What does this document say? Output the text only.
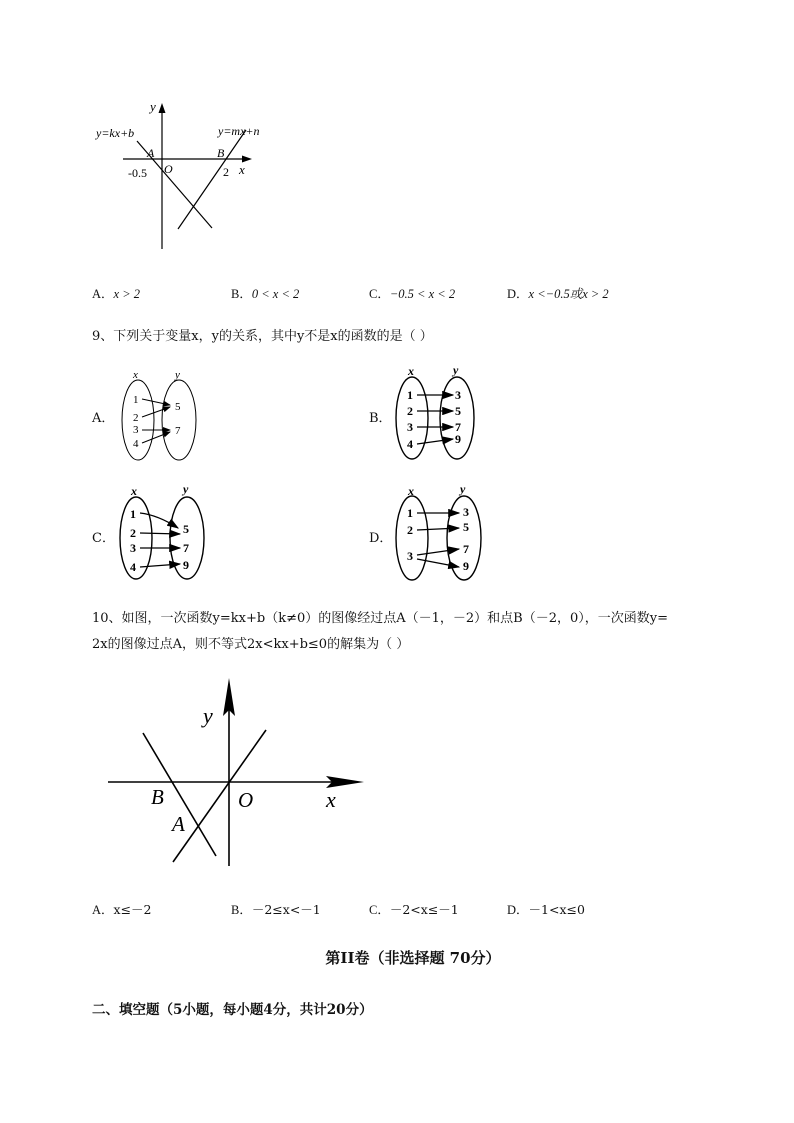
y
x
O
y=kx+b	y=mx+n
A	B
-0.5	2
A．x > 2	B．0 < x < 2	C．−0.5 < x < 2	D．x <−0.5或x > 2
9、下列关于变量x，y的关系，其中y不是x的函数的是（ ）
A．
x	y
1
2
3
4
5
7
B．
x	y
1
2
3
4
3
5
7
9
C．
x	y
1
2
3
4
5
7
9
D．
x	y
1
2
3
3
5
7
9
10、如图，一次函数y=kx+b（k≠0）的图像经过点A（－1，－2）和点B（－2，0），一次函数y=
2x的图像过点A，则不等式2x<kx+b≤0的解集为（ ）
y
x
O
B
A
A．x≤－2	B．－2≤x<－1	C．－2<x≤－1	D．－1<x≤0
第II卷（非选择题 70分）
二、填空题（5小题，每小题4分，共计20分）
